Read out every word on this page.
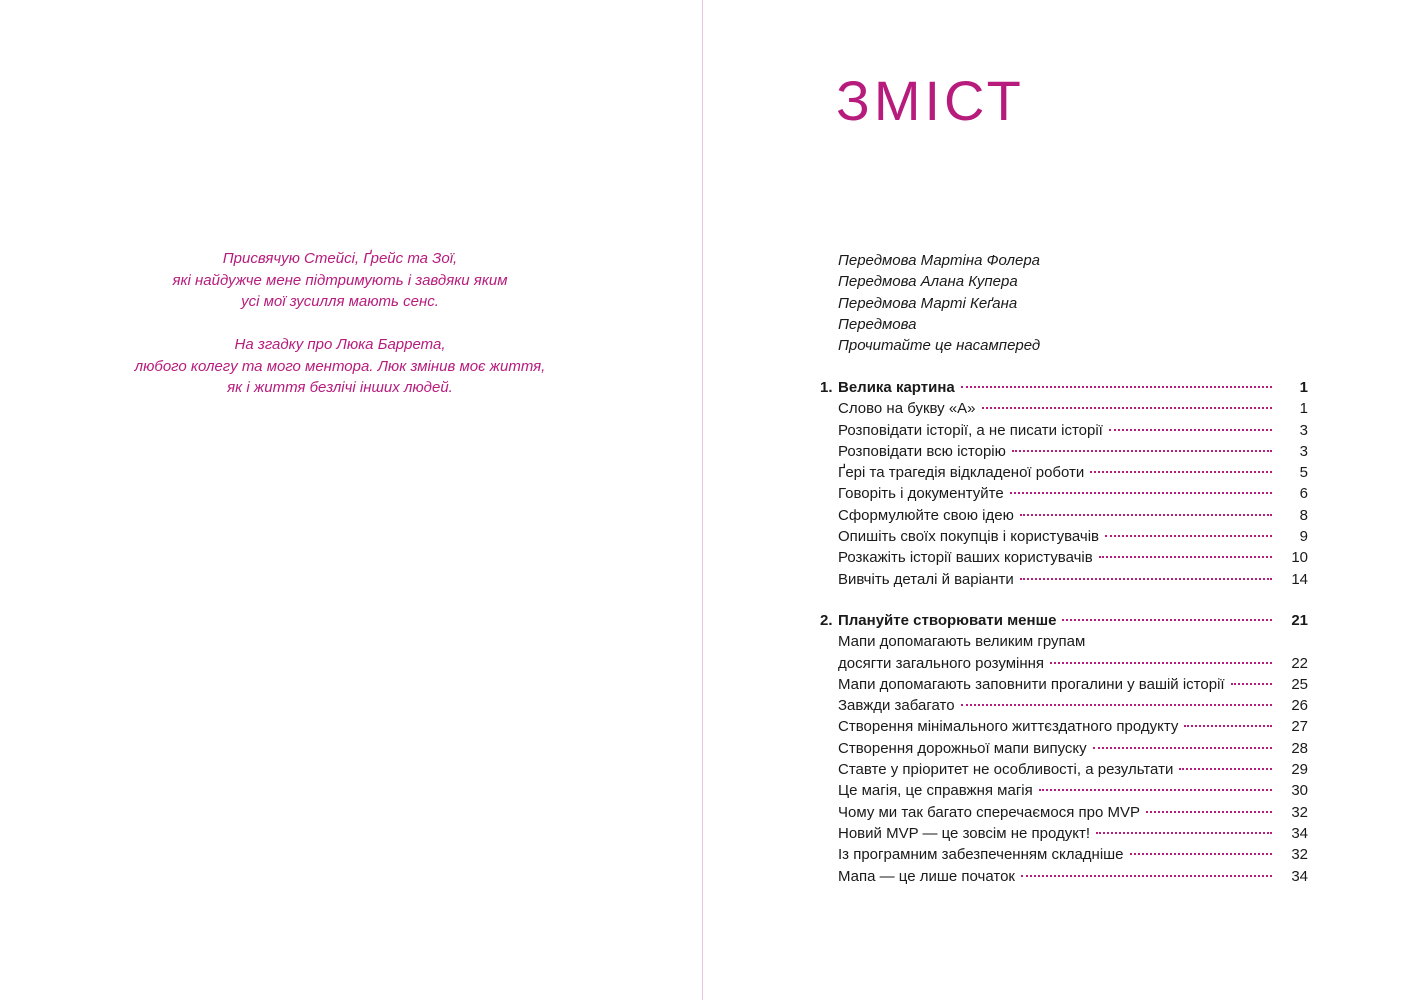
Присвячую Стейсі, Ґрейс та Зої,
які найдужче мене підтримують і завдяки яким
усі мої зусилля мають сенс.

На згадку про Люка Баррета,
любого колегу та мого ментора. Люк змінив моє життя,
як і життя безлічі інших людей.

ЗМІСТ
Передмова Мартіна Фолера
Передмова Алана Купера
Передмова Марті Кеґана
Передмова
Прочитайте це насамперед
1. Велика картина	1
Слово на букву «А»	1
Розповідати історії, а не писати історії	3
Розповідати всю історію	3
Ґері та трагедія відкладеної роботи	5
Говоріть і документуйте	6
Сформулюйте свою ідею	8
Опишіть своїх покупців і користувачів	9
Розкажіть історії ваших користувачів	10
Вивчіть деталі й варіанти	14
2. Плануйте створювати менше	21
Мапи допомагають великим групам
досягти загального розуміння	22
Мапи допомагають заповнити прогалини у вашій історії	25
Завжди забагато	26
Створення мінімального життєздатного продукту	27
Створення дорожньої мапи випуску	28
Ставте у пріоритет не особливості, а результати	29
Це магія, це справжня магія	30
Чому ми так багато сперечаємося про MVP	32
Новий MVP — це зовсім не продукт!	34
Із програмним забезпеченням складніше	32
Мапа — це лише початок	34
